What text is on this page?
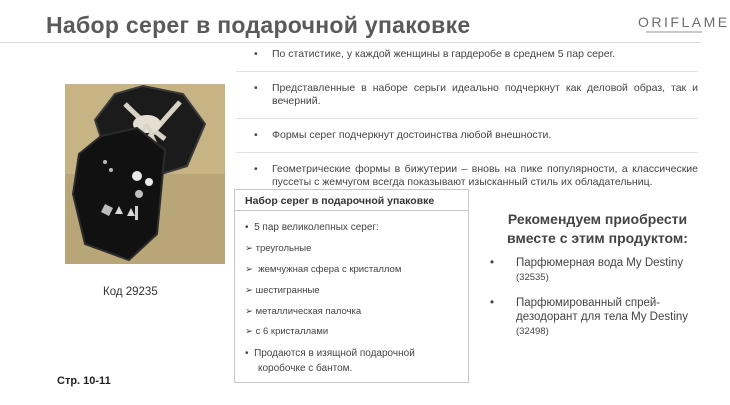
Набор серег в подарочной упаковке	ORIFLAME
• По статистике, у каждой женщины в гардеробе в среднем 5 пар серег.
• Представленные в наборе серьги идеально подчеркнут как деловой образ, так и вечерний.
• Формы серег подчеркнут достоинства любой внешности.
• Геометрические формы в бижутерии – вновь на пике популярности, а классические пуссеты с жемчугом всегда показывают изысканный стиль их обладательниц.
Код 29235
Стр. 10-11
Набор серег в подарочной упаковке
•  5 пар великолепных серег:
➢ треугольные
➢ жемчужная сфера с кристаллом
➢ шестигранные
➢ металлическая палочка
➢ с 6 кристаллами
•  Продаются в изящной подарочной
коробочке с бантом.
Рекомендуем приобрести
вместе с этим продуктом:
•	Парфюмерная вода My Destiny (32535)
•	Парфюмированный спрей-дезодорант для тела My Destiny (32498)
